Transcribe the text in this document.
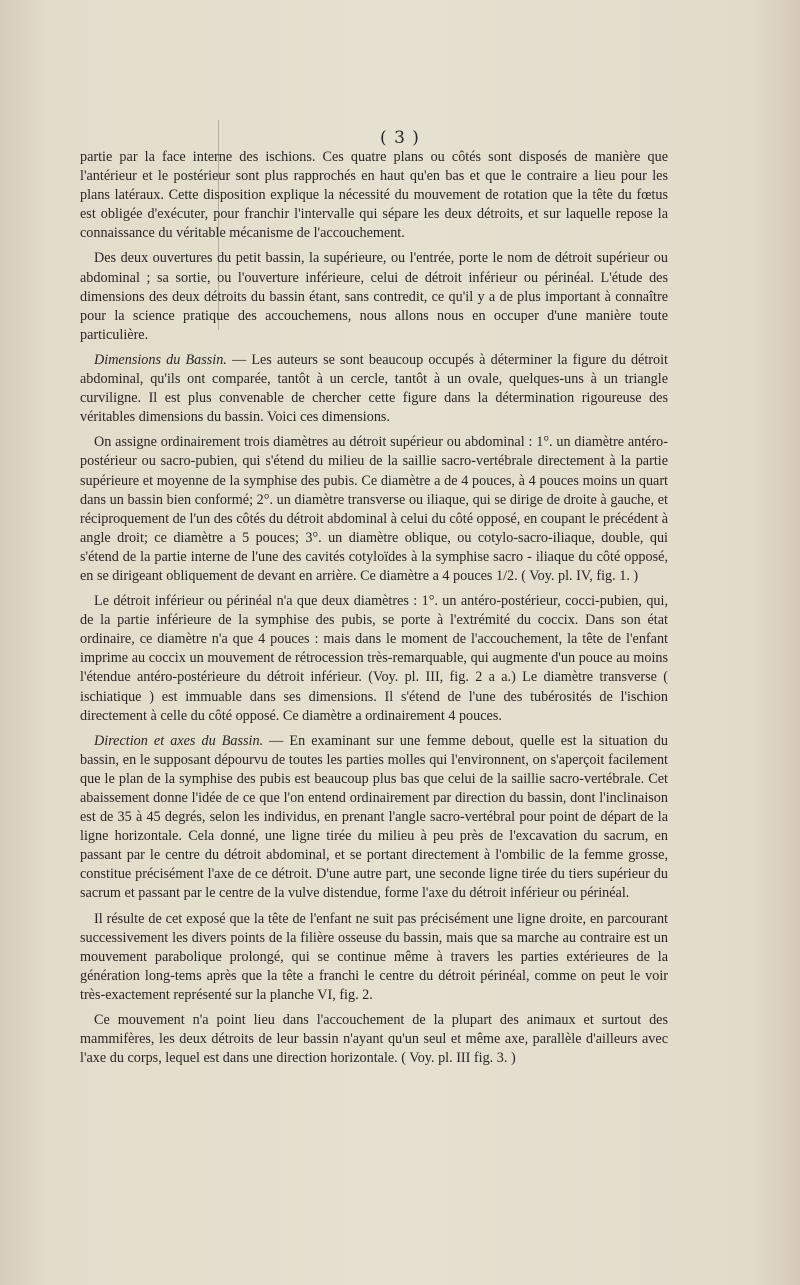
( 3 )

partie par la face interne des ischions. Ces quatre plans ou côtés sont disposés de manière que l'antérieur et le postérieur sont plus rapprochés en haut qu'en bas et que le contraire a lieu pour les plans latéraux. Cette disposition explique la nécessité du mouvement de rotation que la tête du fœtus est obligée d'exécuter, pour franchir l'intervalle qui sépare les deux détroits, et sur laquelle repose la connaissance du véritable mécanisme de l'accouchement.

Des deux ouvertures du petit bassin, la supérieure, ou l'entrée, porte le nom de détroit supérieur ou abdominal ; sa sortie, ou l'ouverture inférieure, celui de détroit inférieur ou périnéal. L'étude des dimensions des deux détroits du bassin étant, sans contredit, ce qu'il y a de plus important à connaître pour la science pratique des accouchemens, nous allons nous en occuper d'une manière toute particulière.

Dimensions du Bassin. — Les auteurs se sont beaucoup occupés à déterminer la figure du détroit abdominal, qu'ils ont comparée, tantôt à un cercle, tantôt à un ovale, quelques-uns à un triangle curviligne. Il est plus convenable de chercher cette figure dans la détermination rigoureuse des véritables dimensions du bassin. Voici ces dimensions.

On assigne ordinairement trois diamètres au détroit supérieur ou abdominal : 1°. un diamètre antéro-postérieur ou sacro-pubien, qui s'étend du milieu de la saillie sacro-vertébrale directement à la partie supérieure et moyenne de la symphise des pubis. Ce diamètre a de 4 pouces, à 4 pouces moins un quart dans un bassin bien conformé; 2°. un diamètre transverse ou iliaque, qui se dirige de droite à gauche, et réciproquement de l'un des côtés du détroit abdominal à celui du côté opposé, en coupant le précédent à angle droit; ce diamètre a 5 pouces; 3°. un diamètre oblique, ou cotylo-sacro-iliaque, double, qui s'étend de la partie interne de l'une des cavités cotyloïdes à la symphise sacro - iliaque du côté opposé, en se dirigeant obliquement de devant en arrière. Ce diamètre a 4 pouces 1/2. ( Voy. pl. IV, fig. 1. )

Le détroit inférieur ou périnéal n'a que deux diamètres : 1°. un antéro-postérieur, cocci-pubien, qui, de la partie inférieure de la symphise des pubis, se porte à l'extrémité du coccix. Dans son état ordinaire, ce diamètre n'a que 4 pouces : mais dans le moment de l'accouchement, la tête de l'enfant imprime au coccix un mouvement de rétrocession très-remarquable, qui augmente d'un pouce au moins l'étendue antéro-postérieure du détroit inférieur. (Voy. pl. III, fig. 2 a a.) Le diamètre transverse ( ischiatique ) est immuable dans ses dimensions. Il s'étend de l'une des tubérosités de l'ischion directement à celle du côté opposé. Ce diamètre a ordinairement 4 pouces.

Direction et axes du Bassin. — En examinant sur une femme debout, quelle est la situation du bassin, en le supposant dépourvu de toutes les parties molles qui l'environnent, on s'aperçoit facilement que le plan de la symphise des pubis est beaucoup plus bas que celui de la saillie sacro-vertébrale. Cet abaissement donne l'idée de ce que l'on entend ordinairement par direction du bassin, dont l'inclinaison est de 35 à 45 degrés, selon les individus, en prenant l'angle sacro-vertébral pour point de départ de la ligne horizontale. Cela donné, une ligne tirée du milieu à peu près de l'excavation du sacrum, en passant par le centre du détroit abdominal, et se portant directement à l'ombilic de la femme grosse, constitue précisément l'axe de ce détroit. D'une autre part, une seconde ligne tirée du tiers supérieur du sacrum et passant par le centre de la vulve distendue, forme l'axe du détroit inférieur ou périnéal.

Il résulte de cet exposé que la tête de l'enfant ne suit pas précisément une ligne droite, en parcourant successivement les divers points de la filière osseuse du bassin, mais que sa marche au contraire est un mouvement parabolique prolongé, qui se continue même à travers les parties extérieures de la génération long-tems après que la tête a franchi le centre du détroit périnéal, comme on peut le voir très-exactement représenté sur la planche VI, fig. 2.

Ce mouvement n'a point lieu dans l'accouchement de la plupart des animaux et surtout des mammifères, les deux détroits de leur bassin n'ayant qu'un seul et même axe, parallèle d'ailleurs avec l'axe du corps, lequel est dans une direction horizontale. ( Voy. pl. III fig. 3. )
